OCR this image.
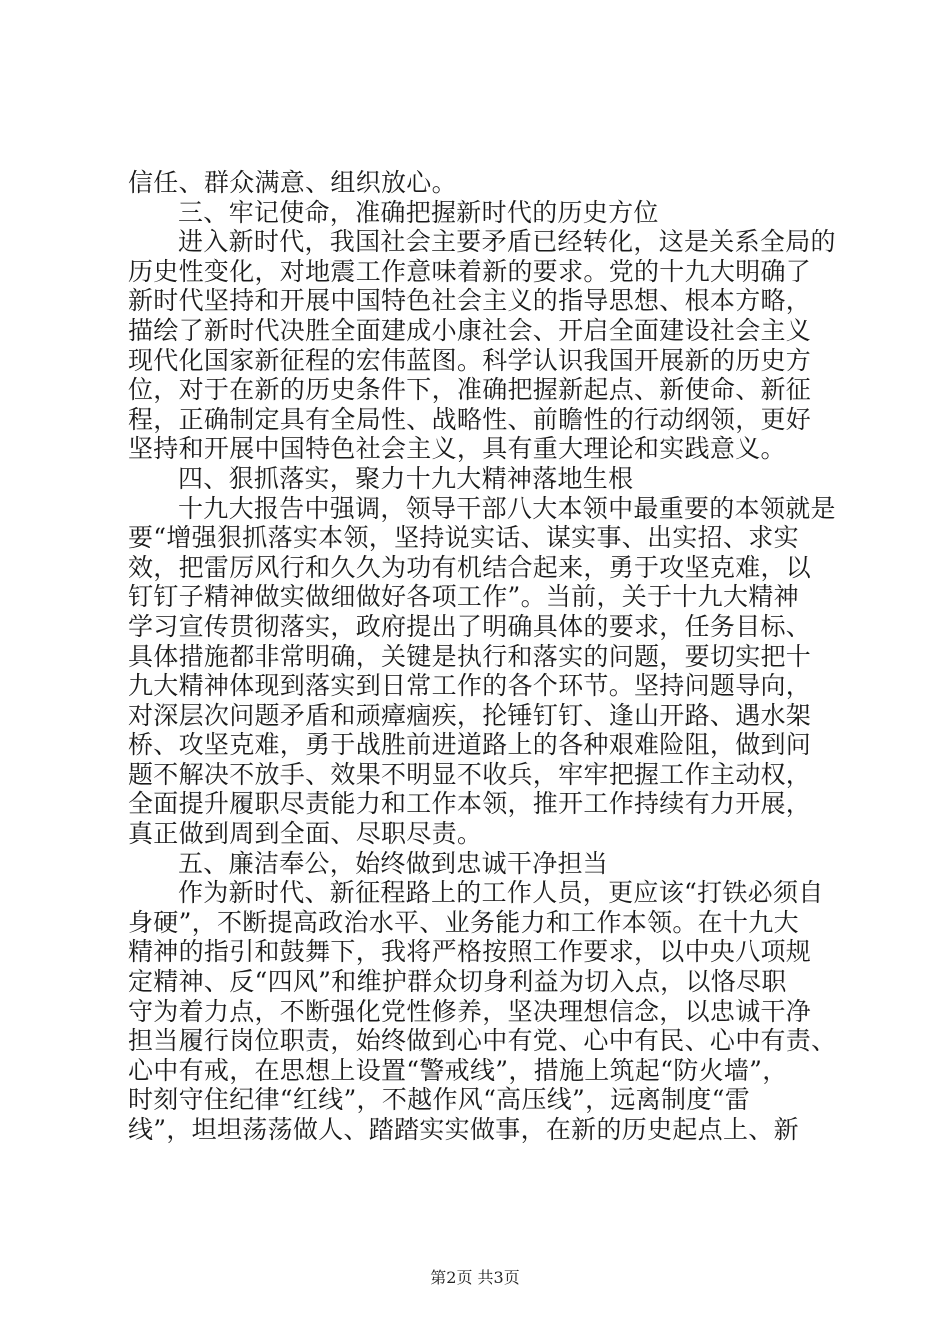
信任、群众满意、组织放心。
三、牢记使命，准确把握新时代的历史方位
进入新时代，我国社会主要矛盾已经转化，这是关系全局的
历史性变化，对地震工作意味着新的要求。党的十九大明确了
新时代坚持和开展中国特色社会主义的指导思想、根本方略，
描绘了新时代决胜全面建成小康社会、开启全面建设社会主义
现代化国家新征程的宏伟蓝图。科学认识我国开展新的历史方
位，对于在新的历史条件下，准确把握新起点、新使命、新征
程，正确制定具有全局性、战略性、前瞻性的行动纲领，更好
坚持和开展中国特色社会主义，具有重大理论和实践意义。
四、狠抓落实，聚力十九大精神落地生根
十九大报告中强调，领导干部八大本领中最重要的本领就是
要“增强狠抓落实本领，坚持说实话、谋实事、出实招、求实
效，把雷厉风行和久久为功有机结合起来，勇于攻坚克难，以
钉钉子精神做实做细做好各项工作”。当前，关于十九大精神
学习宣传贯彻落实，政府提出了明确具体的要求，任务目标、
具体措施都非常明确，关键是执行和落实的问题，要切实把十
九大精神体现到落实到日常工作的各个环节。坚持问题导向，
对深层次问题矛盾和顽瘴痼疾，抡锤钉钉、逢山开路、遇水架
桥、攻坚克难，勇于战胜前进道路上的各种艰难险阻，做到问
题不解决不放手、效果不明显不收兵，牢牢把握工作主动权，
全面提升履职尽责能力和工作本领，推开工作持续有力开展，
真正做到周到全面、尽职尽责。
五、廉洁奉公，始终做到忠诚干净担当
作为新时代、新征程路上的工作人员，更应该“打铁必须自
身硬”，不断提高政治水平、业务能力和工作本领。在十九大
精神的指引和鼓舞下，我将严格按照工作要求，以中央八项规
定精神、反“四风”和维护群众切身利益为切入点，以恪尽职
守为着力点，不断强化党性修养，坚决理想信念，以忠诚干净
担当履行岗位职责，始终做到心中有党、心中有民、心中有责、
心中有戒，在思想上设置“警戒线”，措施上筑起“防火墙”，
时刻守住纪律“红线”，不越作风“高压线”，远离制度“雷
线”，坦坦荡荡做人、踏踏实实做事，在新的历史起点上、新
第2页 共3页
